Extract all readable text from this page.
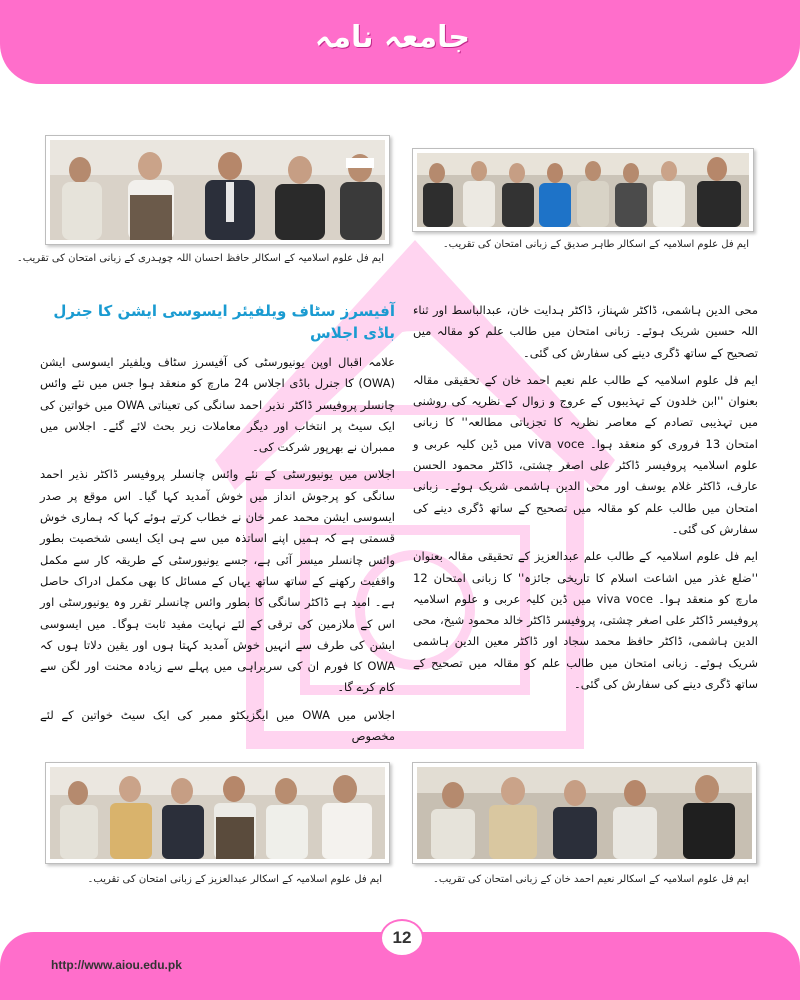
جامعہ نامہ
ایم فل علوم اسلامیہ کے اسکالر حافظ احسان اللہ چوہدری کے زبانی امتحان کی تقریب۔
ایم فل علوم اسلامیہ کے اسکالر طاہر صدیق کے زبانی امتحان کی تقریب۔
آفیسرز سٹاف ویلفیئر ایسوسی ایشن کا جنرل باڈی اجلاس

علامہ اقبال اوپن یونیورسٹی کی آفیسرز سٹاف ویلفیئر ایسوسی ایشن (OWA) کا جنرل باڈی اجلاس 24 مارچ کو منعقد ہوا جس میں نئے وائس چانسلر پروفیسر ڈاکٹر نذیر احمد سانگی کی تعیناتی OWA میں خواتین کی ایک سیٹ پر انتخاب اور دیگر معاملات زیر بحث لائے گئے۔ اجلاس میں ممبران نے بھرپور شرکت کی۔

اجلاس میں یونیورسٹی کے نئے وائس چانسلر پروفیسر ڈاکٹر نذیر احمد سانگی کو پرجوش انداز میں خوش آمدید کہا گیا۔ اس موقع پر صدر ایسوسی ایشن محمد عمر خان نے خطاب کرتے ہوئے کہا کہ ہماری خوش قسمتی ہے کہ ہمیں اپنے اساتذہ میں سے ہی ایک ایسی شخصیت بطور وائس چانسلر میسر آئی ہے، جسے یونیورسٹی کے طریقہ کار سے مکمل واقفیت رکھنے کے ساتھ ساتھ یہاں کے مسائل کا بھی مکمل ادراک حاصل ہے۔ امید ہے ڈاکٹر سانگی کا بطور وائس چانسلر تقرر وہ یونیورسٹی اور اس کے ملازمین کی ترقی کے لئے نہایت مفید ثابت ہوگا۔ میں ایسوسی ایشن کی طرف سے انہیں خوش آمدید کہتا ہوں اور یقین دلاتا ہوں کہ OWA کا فورم ان کی سربراہی میں پہلے سے زیادہ محنت اور لگن سے کام کرے گا۔

اجلاس میں OWA میں ایگزیکٹو ممبر کی ایک سیٹ خواتین کے لئے مخصوص

محی الدین ہاشمی، ڈاکٹر شہناز، ڈاکٹر ہدایت خان، عبدالباسط اور ثناء اللہ حسین شریک ہوئے۔ زبانی امتحان میں طالب علم کو مقالہ میں تصحیح کے ساتھ ڈگری دینے کی سفارش کی گئی۔

ایم فل علوم اسلامیہ کے طالب علم نعیم احمد خان کے تحقیقی مقالہ بعنوان ''ابن خلدون کے تہذیبوں کے عروج و زوال کے نظریہ کی روشنی میں تہذیبی تصادم کے معاصر نظریہ کا تجزیاتی مطالعہ'' کا زبانی امتحان 13 فروری کو منعقد ہوا۔ viva voce میں ڈین کلیہ عربی و علوم اسلامیہ پروفیسر ڈاکٹر علی اصغر چشتی، ڈاکٹر محمود الحسن عارف، ڈاکٹر غلام یوسف اور محی الدین ہاشمی شریک ہوئے۔ زبانی امتحان میں طالب علم کو مقالہ میں تصحیح کے ساتھ ڈگری دینے کی سفارش کی گئی۔

ایم فل علوم اسلامیہ کے طالب علم عبدالعزیز کے تحقیقی مقالہ بعنوان ''ضلع غذر میں اشاعت اسلام کا تاریخی جائزہ'' کا زبانی امتحان 12 مارچ کو منعقد ہوا۔ viva voce میں ڈین کلیہ عربی و علوم اسلامیہ پروفیسر ڈاکٹر علی اصغر چشتی، پروفیسر ڈاکٹر خالد محمود شیخ، محی الدین ہاشمی، ڈاکٹر حافظ محمد سجاد اور ڈاکٹر معین الدین ہاشمی شریک ہوئے۔ زبانی امتحان میں طالب علم کو مقالہ میں تصحیح کے ساتھ ڈگری دینے کی سفارش کی گئی۔

ایم فل علوم اسلامیہ کے اسکالر عبدالعزیز کے زبانی امتحان کی تقریب۔	ایم فل علوم اسلامیہ کے اسکالر نعیم احمد خان کے زبانی امتحان کی تقریب۔
http://www.aiou.edu.pk
12
